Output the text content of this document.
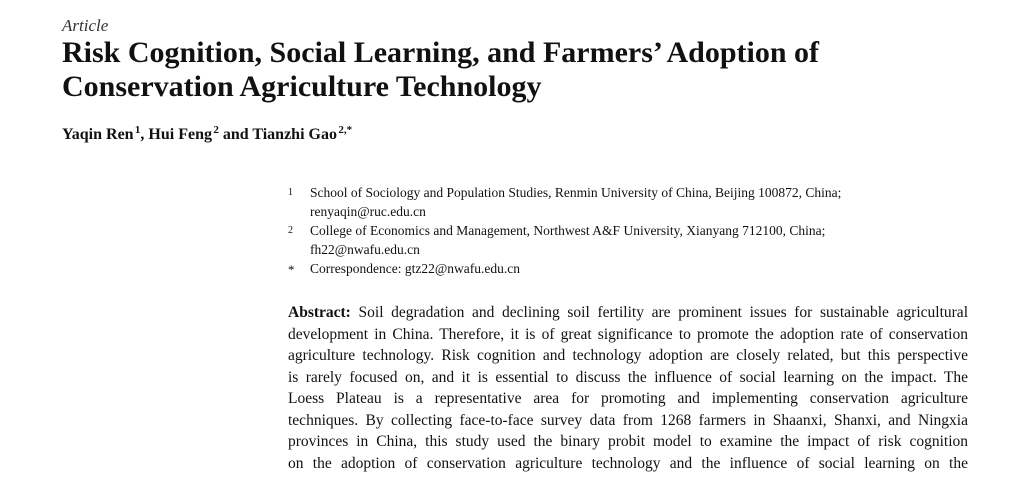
Article
Risk Cognition, Social Learning, and Farmers’ Adoption of
Conservation Agriculture Technology
Yaqin Ren $^1$, Hui Feng $^2$ and Tianzhi Gao $^{2,*}$
1 School of Sociology and Population Studies, Renmin University of China, Beijing 100872, China;
renyaqin@ruc.edu.cn
2 College of Economics and Management, Northwest A&F University, Xianyang 712100, China;
fh22@nwafu.edu.cn
* Correspondence: gtz22@nwafu.edu.cn
Abstract: Soil degradation and declining soil fertility are prominent issues for sustainable agricultural
development in China. Therefore, it is of great significance to promote the adoption rate of conservation
agriculture technology. Risk cognition and technology adoption are closely related, but this perspective
is rarely focused on, and it is essential to discuss the influence of social learning on the impact. The
Loess Plateau is a representative area for promoting and implementing conservation agriculture
techniques. By collecting face-to-face survey data from 1268 farmers in Shaanxi, Shanxi, and Ningxia
provinces in China, this study used the binary probit model to examine the impact of risk cognition
on the adoption of conservation agriculture technology and the influence of social learning on the
